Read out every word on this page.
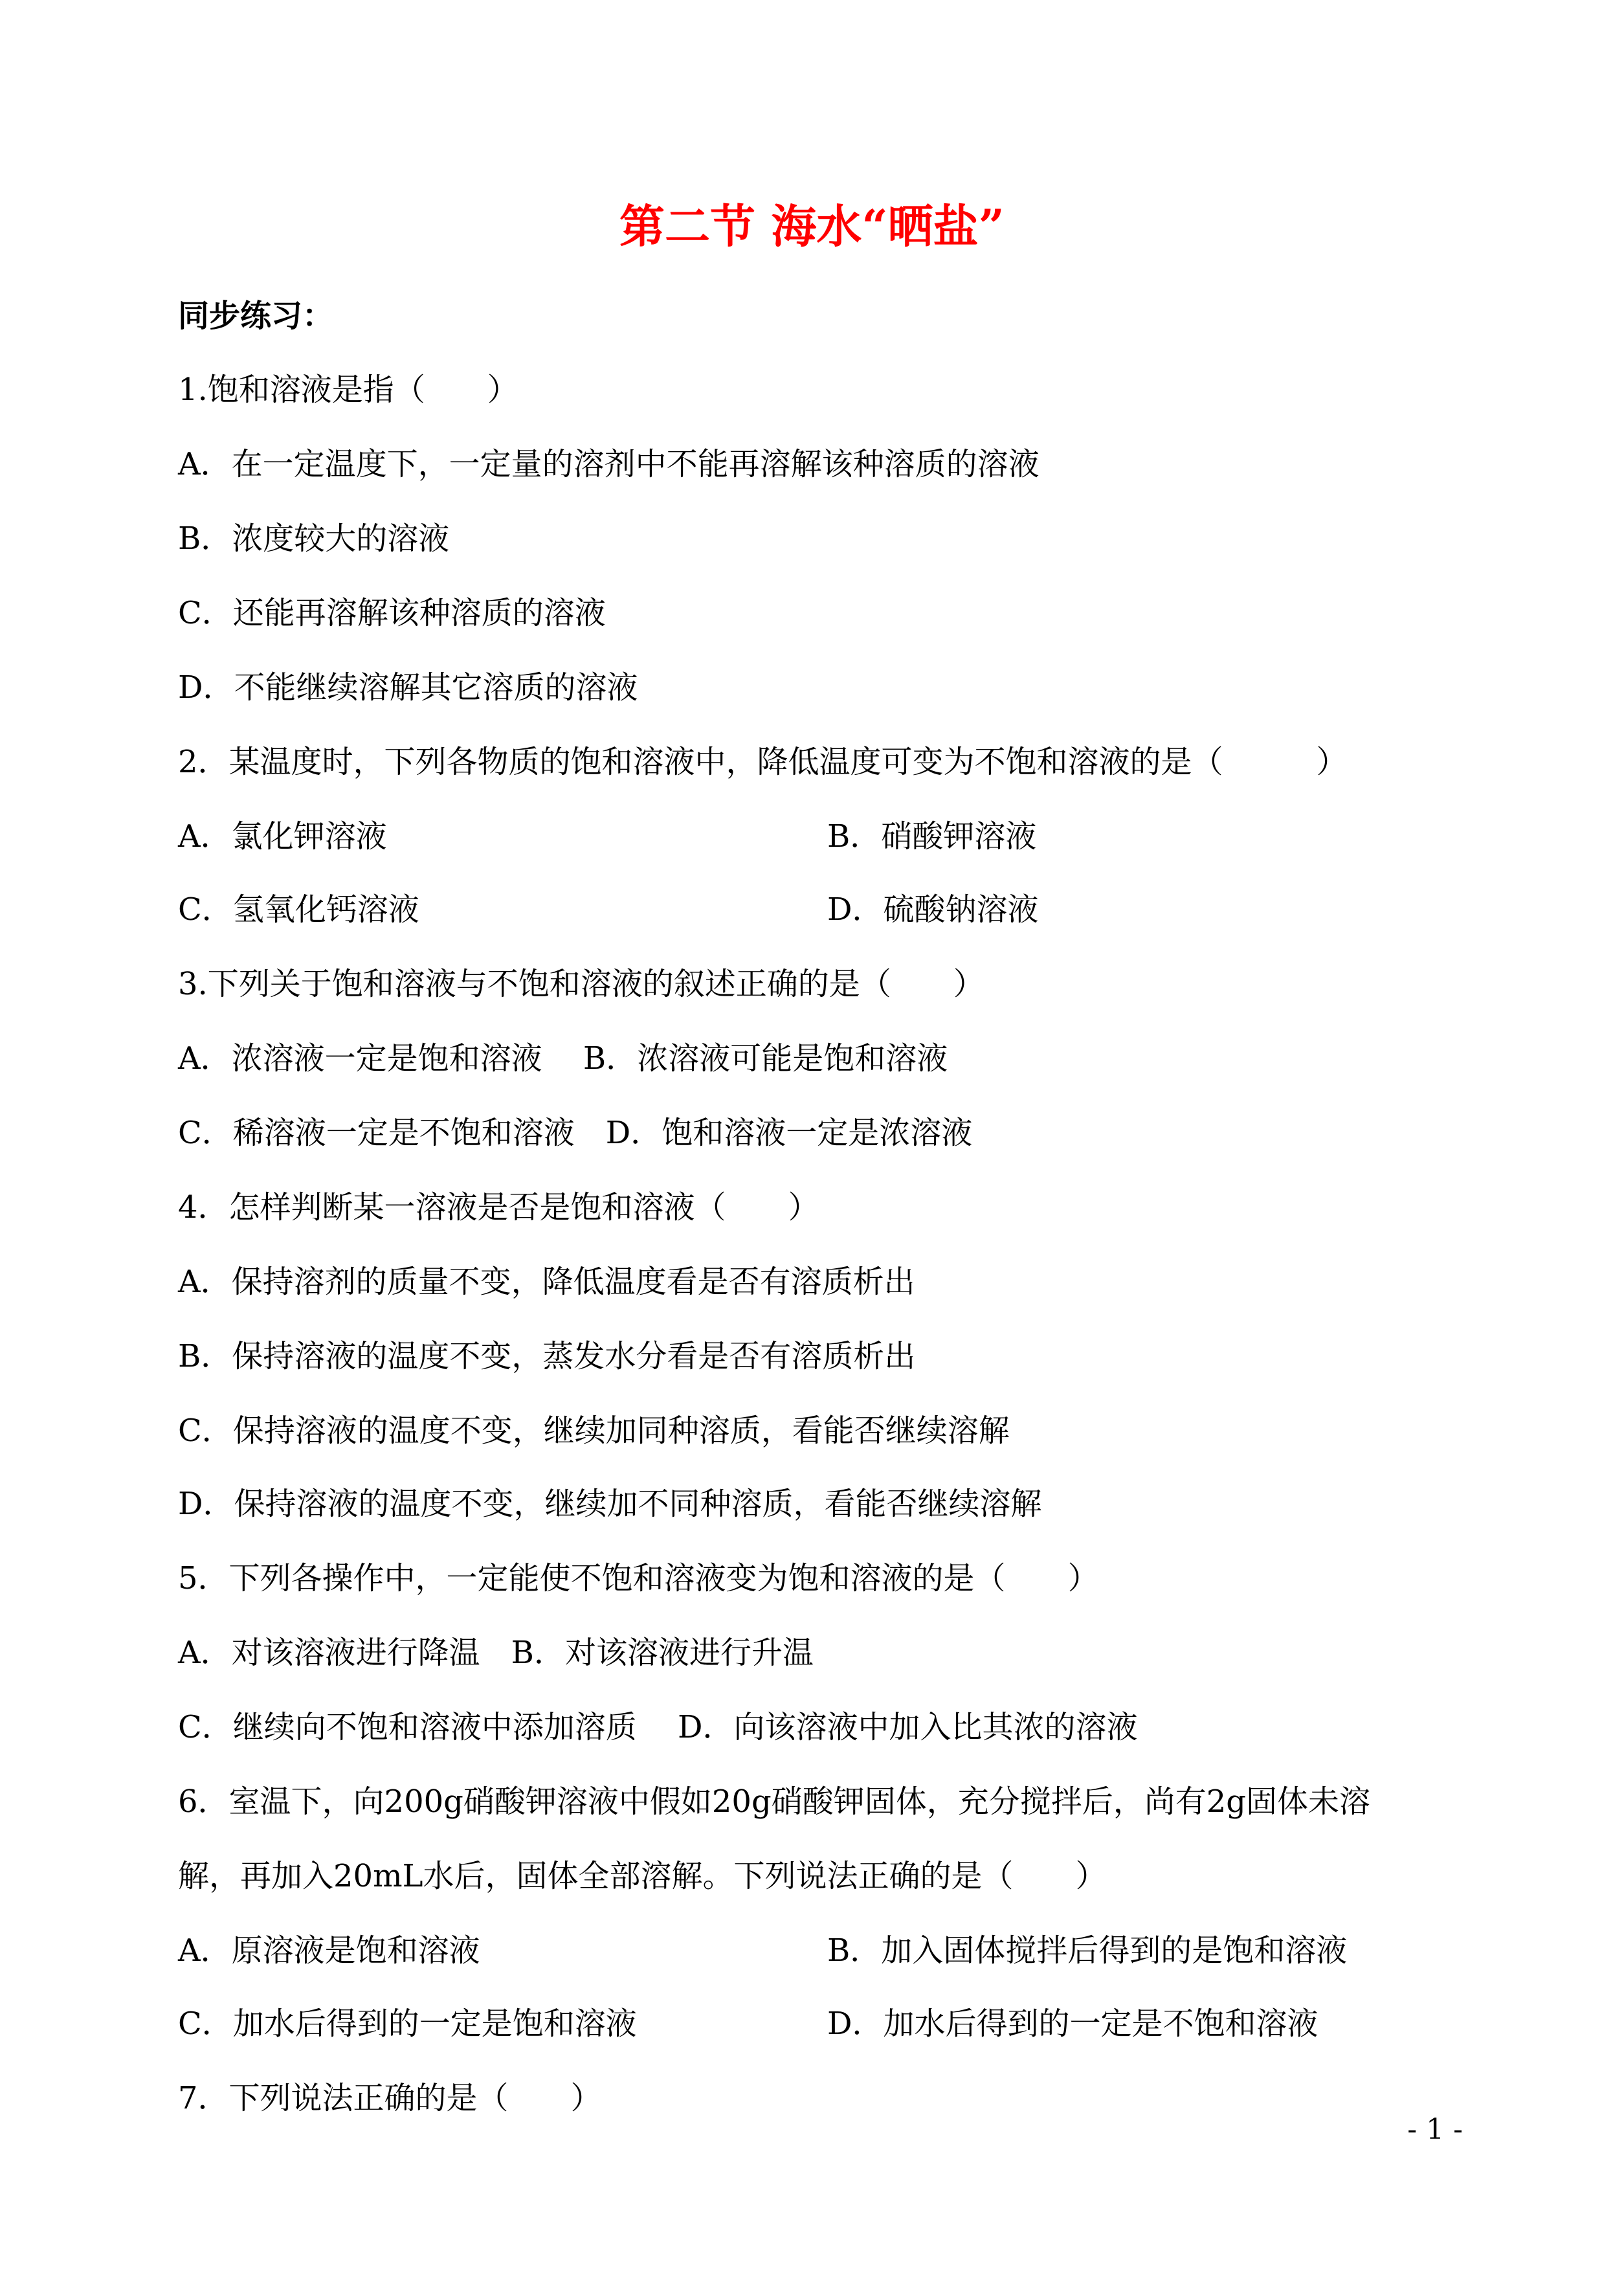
第二节 海水“晒盐”
同步练习：
1.饱和溶液是指（　　）
A．在一定温度下，一定量的溶剂中不能再溶解该种溶质的溶液
B．浓度较大的溶液
C．还能再溶解该种溶质的溶液
D．不能继续溶解其它溶质的溶液
2．某温度时，下列各物质的饱和溶液中，降低温度可变为不饱和溶液的是（　　　）
A．氯化钾溶液	B．硝酸钾溶液
C．氢氧化钙溶液	D．硫酸钠溶液
3.下列关于饱和溶液与不饱和溶液的叙述正确的是（　　）
A．浓溶液一定是饱和溶液　 B．浓溶液可能是饱和溶液
C．稀溶液一定是不饱和溶液　D．饱和溶液一定是浓溶液
4．怎样判断某一溶液是否是饱和溶液（　　）
A．保持溶剂的质量不变，降低温度看是否有溶质析出
B．保持溶液的温度不变，蒸发水分看是否有溶质析出
C．保持溶液的温度不变，继续加同种溶质，看能否继续溶解
D．保持溶液的温度不变，继续加不同种溶质，看能否继续溶解
5．下列各操作中，一定能使不饱和溶液变为饱和溶液的是（　　）
A．对该溶液进行降温　B．对该溶液进行升温
C．继续向不饱和溶液中添加溶质　 D．向该溶液中加入比其浓的溶液
6．室温下，向200g硝酸钾溶液中假如20g硝酸钾固体，充分搅拌后，尚有2g固体未溶
解，再加入20mL水后，固体全部溶解。下列说法正确的是（　　）
A．原溶液是饱和溶液	B．加入固体搅拌后得到的是饱和溶液
C．加水后得到的一定是饱和溶液	D．加水后得到的一定是不饱和溶液
7．下列说法正确的是（　　）
- 1 -
